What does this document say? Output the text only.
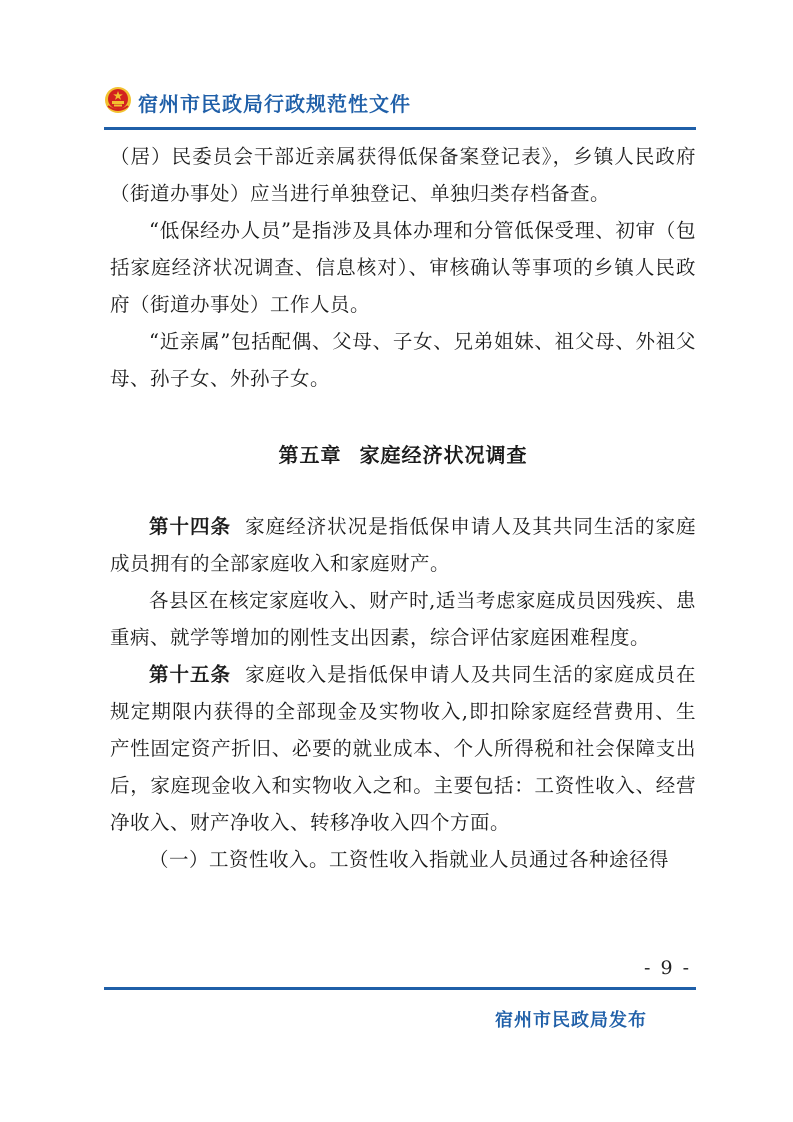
宿州市民政局行政规范性文件

（居）民委员会干部近亲属获得低保备案登记表》，乡镇人民政府（街道办事处）应当进行单独登记、单独归类存档备查。

“低保经办人员”是指涉及具体办理和分管低保受理、初审（包括家庭经济状况调查、信息核对）、审核确认等事项的乡镇人民政府（街道办事处）工作人员。

“近亲属”包括配偶、父母、子女、兄弟姐妹、祖父母、外祖父母、孙子女、外孙子女。

第五章 家庭经济状况调查

第十四条 家庭经济状况是指低保申请人及其共同生活的家庭成员拥有的全部家庭收入和家庭财产。

各县区在核定家庭收入、财产时,适当考虑家庭成员因残疾、患重病、就学等增加的刚性支出因素，综合评估家庭困难程度。

第十五条 家庭收入是指低保申请人及共同生活的家庭成员在规定期限内获得的全部现金及实物收入,即扣除家庭经营费用、生产性固定资产折旧、必要的就业成本、个人所得税和社会保障支出后，家庭现金收入和实物收入之和。主要包括：工资性收入、经营净收入、财产净收入、转移净收入四个方面。

（一）工资性收入。工资性收入指就业人员通过各种途径得

- 9 -
宿州市民政局发布
